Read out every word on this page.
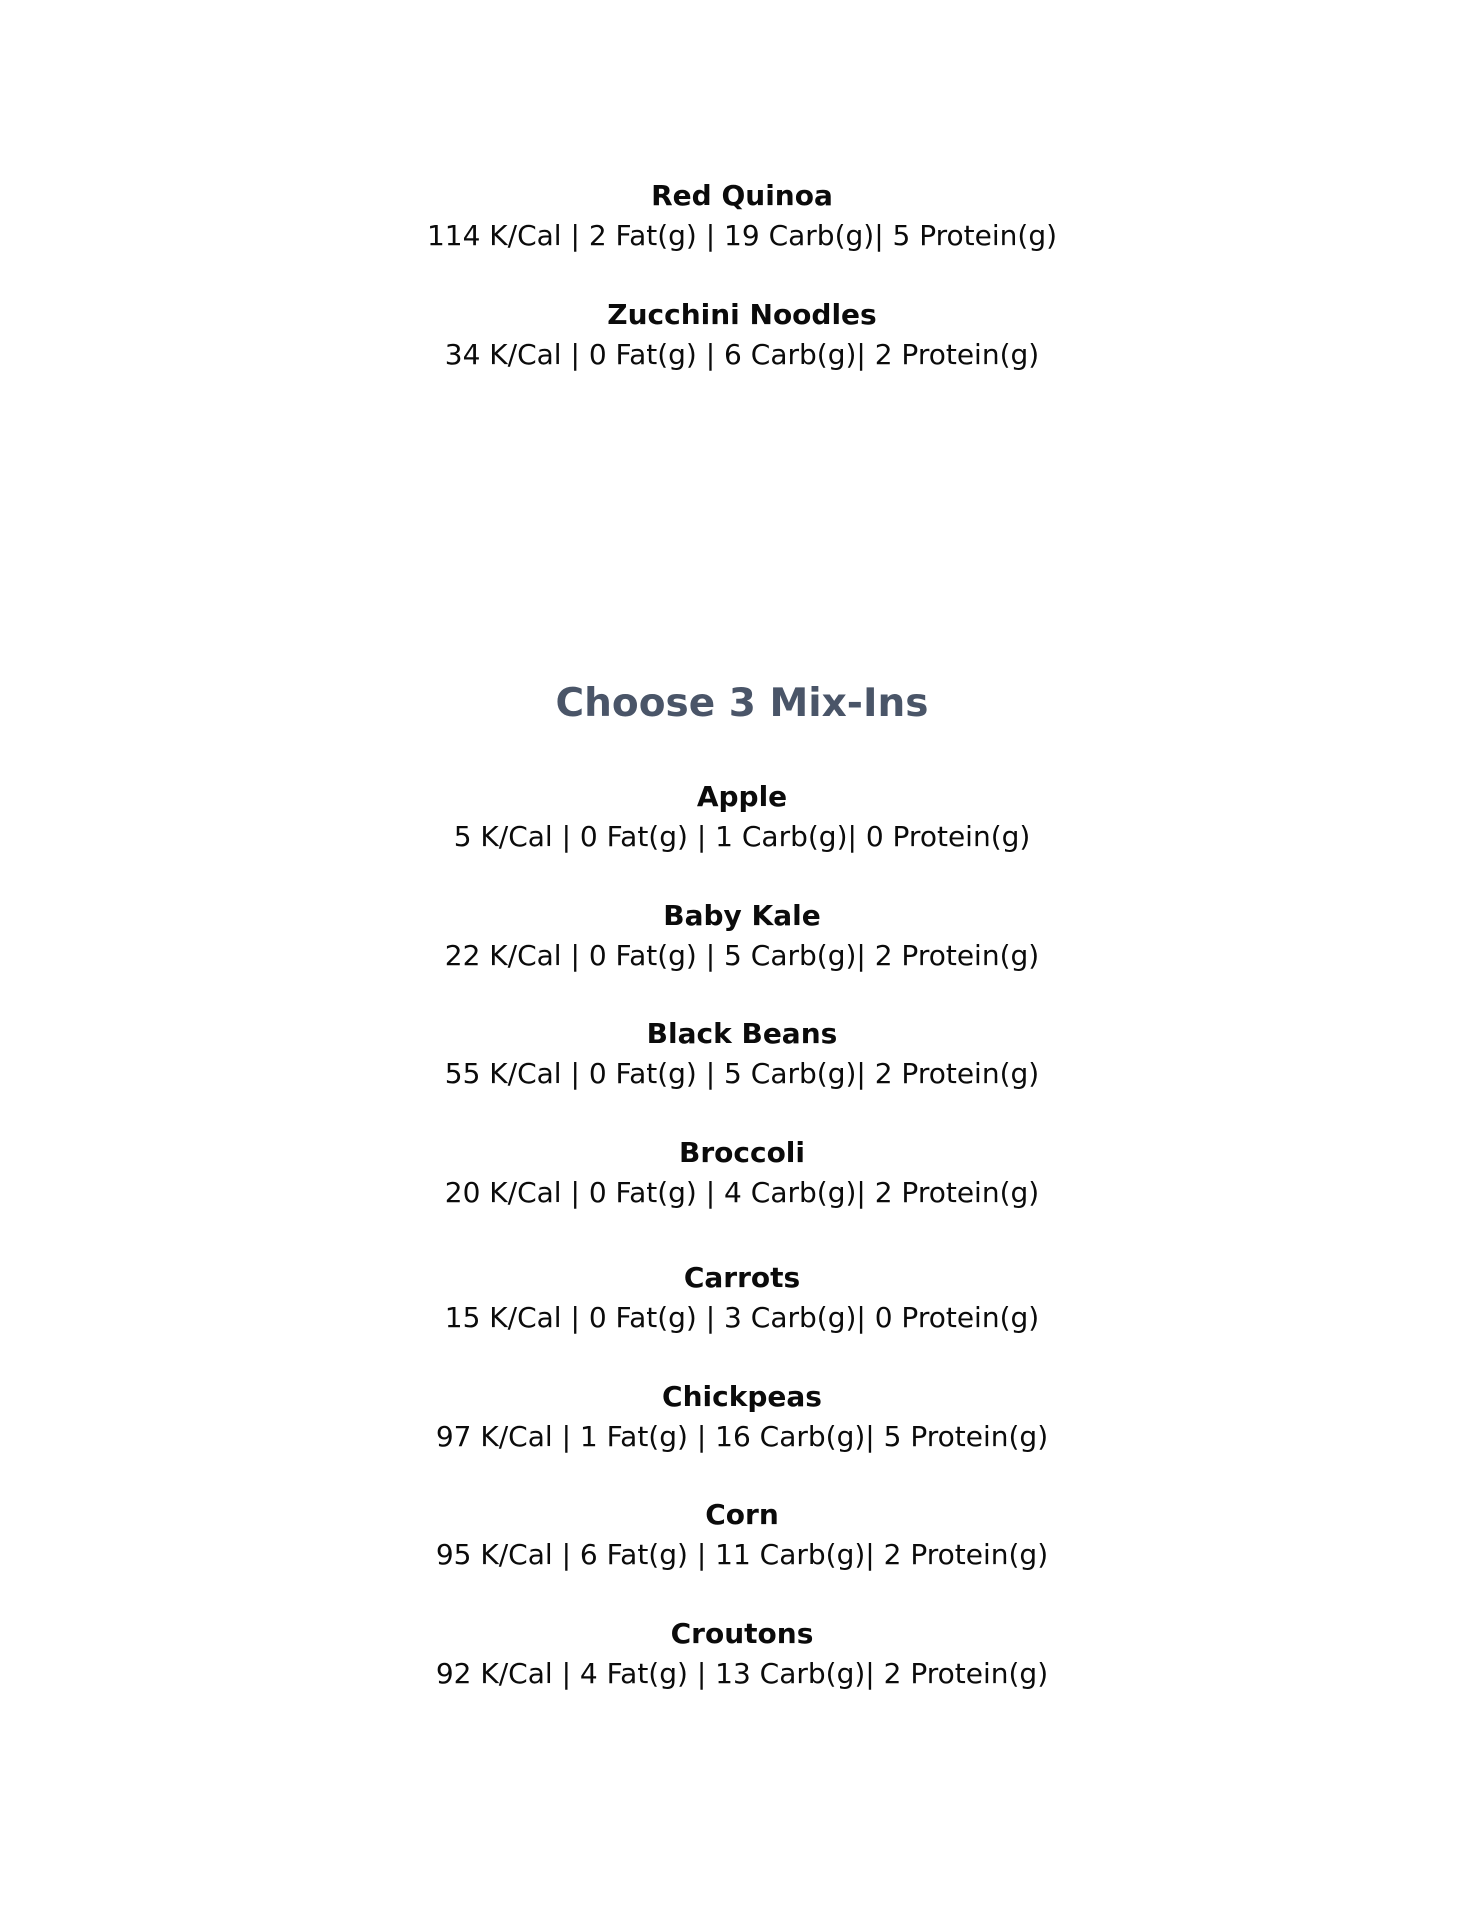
Red Quinoa
114 K/Cal | 2 Fat(g) | 19 Carb(g)| 5 Protein(g)
Zucchini Noodles
34 K/Cal | 0 Fat(g) | 6 Carb(g)| 2 Protein(g)
Choose 3 Mix-Ins
Apple
5 K/Cal | 0 Fat(g) | 1 Carb(g)| 0 Protein(g)
Baby Kale
22 K/Cal | 0 Fat(g) | 5 Carb(g)| 2 Protein(g)
Black Beans
55 K/Cal | 0 Fat(g) | 5 Carb(g)| 2 Protein(g)
Broccoli
20 K/Cal | 0 Fat(g) | 4 Carb(g)| 2 Protein(g)
Carrots
15 K/Cal | 0 Fat(g) | 3 Carb(g)| 0 Protein(g)
Chickpeas
97 K/Cal | 1 Fat(g) | 16 Carb(g)| 5 Protein(g)
Corn
95 K/Cal | 6 Fat(g) | 11 Carb(g)| 2 Protein(g)
Croutons
92 K/Cal | 4 Fat(g) | 13 Carb(g)| 2 Protein(g)
